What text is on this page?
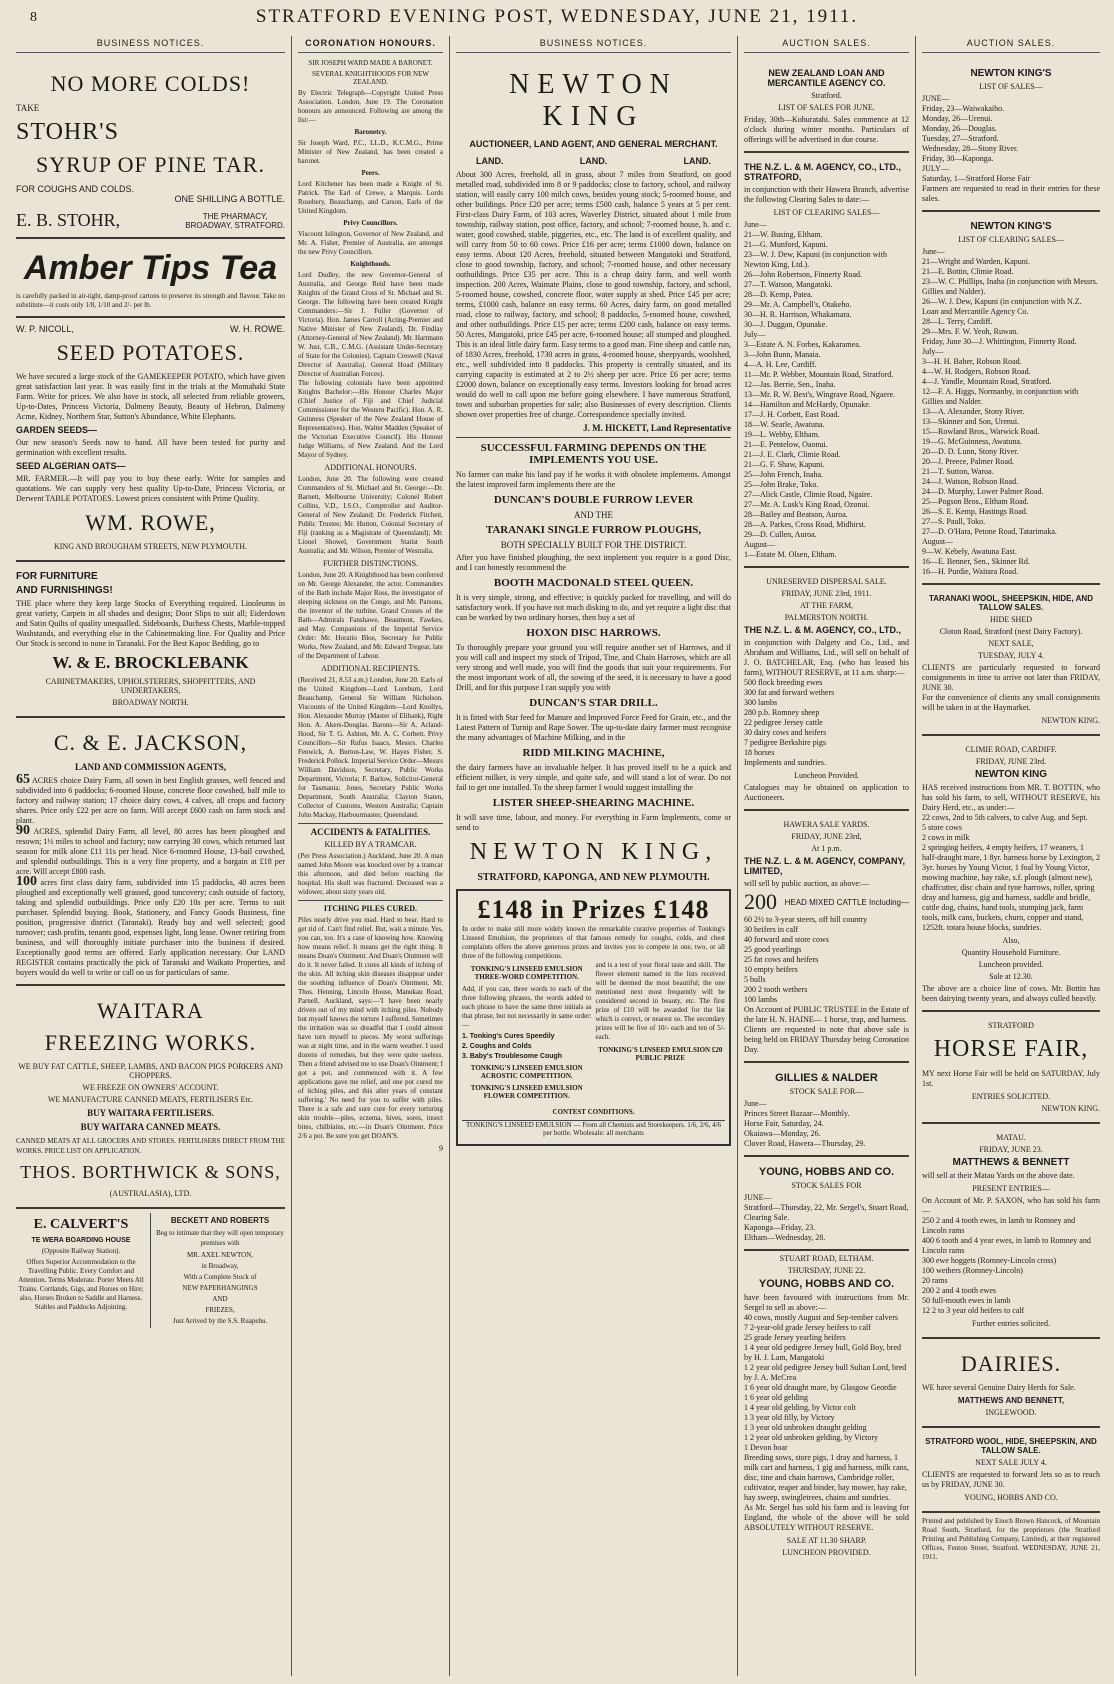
8	STRATFORD EVENING POST, WEDNESDAY, JUNE 21, 1911.
BUSINESS NOTICES.
NO MORE COLDS!
TAKE
STOHR'S
SYRUP OF PINE TAR.
FOR COUGHS AND COLDS.
ONE SHILLING A BOTTLE.
E. B. STOHR,	THE PHARMACY,
BROADWAY, STRATFORD.
Amber Tips Tea
is carefully packed in air-tight, damp-proof cartons to preserve its strength and flavour. Take no substitute—it costs only 1/8, 1/10 and 2/- per lb.
W. P. NICOLL,	W. H. ROWE.
SEED POTATOES.
We have secured a large stock of the GAMEKEEPER POTATO, which have given great satisfaction last year. It was easily first in the trials at the Momahaki State Farm. Write for prices. We also have in stock, all selected from reliable growers, Up-to-Dates, Princess Victoria, Dalmeny Beauty, Beauty of Hebron, Dalmeny Acme, Kidney, Northern Star, Sutton's Abundance, White Elephants.
GARDEN SEEDS—
Our new season's Seeds now to hand. All have been tested for purity and germination with excellent results.
SEED ALGERIAN OATS—
MR. FARMER.—It will pay you to buy these early. Write for samples and quotations. We can supply very best quality Up-to-Date, Princess Victoria, or Derwent TABLE POTATOES. Lowest prices consistent with Prime Quality.
WM. ROWE,
KING AND BROUGHAM STREETS, NEW PLYMOUTH.
FOR FURNITURE
AND FURNISHINGS!
THE place where they keep large Stocks of Everything required. Linoleums in great variety, Carpets in all shades and designs; Door Slips to suit all; Eiderdown and Satin Quilts of quality unequalled. Sideboards, Duchess Chests, Marble-topped Washstands, and everything else in the Cabinetmaking line. For Quality and Price Our Stock is second to none in Taranaki. For the Best Kapoc Bedding, go to
W. & E. BROCKLEBANK
CABINETMAKERS, UPHOLSTERERS, SHOPFITTERS, AND UNDERTAKERS,
BROADWAY NORTH.
C. & E. JACKSON,
LAND AND COMMISSION AGENTS,
65 ACRES choice Dairy Farm, all sown in best English grasses, well fenced and subdivided into 6 paddocks; 6-roomed House, concrete floor cowshed, half mile to factory and railway station; 17 choice dairy cows, 4 calves, all crops and factory shares. Price only £22 per acre on farm. Will accept £600 cash on farm stock and plant.
90 ACRES, splendid Dairy Farm, all level, 80 acres has been ploughed and resown; 1½ miles to school and factory; now carrying 30 cows, which returned last season for milk alone £11 11s per head. Nice 6-roomed House, 13-bail cowshed, and splendid outbuildings. This is a very fine property, and a bargain at £18 per acre. Will accept £800 cash.
100 acres first class dairy farm, subdivided into 15 paddocks, 40 acres been ploughed and exceptionally well grassed, good tuncovery; cash outside of factory, taking and splendid outbuildings. Price only £20 10s per acre. Terms to suit purchaser. Splendid buying. Book, Stationery, and Fancy Goods Business, fine position, progressive district (Taranaki). Ready buy and well selected; good turnover; cash profits, tenants good, expenses light, long lease. Owner retiring from business, and will thoroughly initiate purchaser into the business if desired. Exceptionally good terms are offered. Early application necessary. Our LAND REGISTER contains practically the pick of Taranaki and Waikato Properties, and buyers would do well to write or call on us for particulars of same.
WAITARA
FREEZING WORKS.
WE BUY FAT CATTLE, SHEEP, LAMBS, AND BACON PIGS PORKERS AND CHOPPERS.
WE FREEZE ON OWNERS' ACCOUNT.
WE MANUFACTURE CANNED MEATS, FERTILISERS Etc.
BUY WAITARA FERTILISERS.
BUY WAITARA CANNED MEATS.
CANNED MEATS AT ALL GROCERS AND STORES. FERTILISERS DIRECT FROM THE WORKS. PRICE LIST ON APPLICATION.
THOS. BORTHWICK & SONS,
(AUSTRALASIA), LTD.
E. CALVERT'S
TE WERA BOARDING HOUSE
(Opposite Railway Station).
Offers Superior Accommodation to the Travelling Public. Every Comfort and Attention. Terms Moderate. Porter Meets All Trains. Cortlands, Gigs, and Horses on Hire; also, Horses Broken to Saddle and Harness. Stables and Paddocks Adjoining.
BECKETT AND ROBERTS
Beg to intimate that they will open temporary premises with
MR. AXEL NEWTON,
in Broadway,
With a Complete Stock of
NEW PAPERHANGINGS
AND
FRIEZES,
Just Arrived by the S.S. Ruapehu.
CORONATION HONOURS.
SIR JOSEPH WARD MADE A BARONET.
SEVERAL KNIGHTHOODS FOR NEW ZEALAND.
By Electric Telegraph—Copyright United Press Association. London, June 19. The Coronation honours are announced. Following are among the list:—
Baronetcy.
Sir Joseph Ward, P.C., LL.D., K.C.M.G., Prime Minister of New Zealand, has been created a baronet.
Peers.
Lord Kitchener has been made a Knight of St. Patrick. The Earl of Crewe, a Marquis. Lords Rosebery, Beauchamp, and Carson, Earls of the United Kingdom.
Privy Councillors.
Viscount Islington, Governor of New Zealand, and Mr. A. Fisher, Premier of Australia, are amongst the new Privy Councillors.
Knighthoods.
Lord Dudley, the new Governor-General of Australia, and George Reid have been made Knights of the Grand Cross of St. Michael and St. George. The following have been created Knight Commanders:—Sir J. Fuller (Governor of Victoria). Hon. James Carroll (Acting-Premier and Native Minister of New Zealand). Dr. Findlay (Attorney-General of New Zealand). Mr. Hartmann W. Just, C.B., C.M.G. (Assistant Under-Secretary of State for the Colonies). Captain Creswell (Naval Director of Australia). General Hoad (Military Director of Australian Forces).
The following colonials have been appointed Knights Bachelor:—His Honour Charles Major (Chief Justice of Fiji and Chief Judicial Commissioner for the Western Pacific). Hon. A. R. Guinness (Speaker of the New Zealand House of Representatives). Hon. Walter Madden (Speaker of the Victorian Executive Council). His Honour Judge Williams, of New Zealand. And the Lord Mayor of Sydney.
ADDITIONAL HONOURS.
London, June 20. The following were created Commanders of St. Michael and St. George:—Dr. Barnett, Melbourne University; Colonel Robert Collins, V.D., I.S.O., Comptroller and Auditor-General of New Zealand; Dr. Frederick Fitchett, Public Trustee; Mr. Hutton, Colonial Secretary of Fiji (ranking as a Magistrate of Queensland); Mr. Lionel Showel, Government Statist South Australia; and Mr. Wilson, Premier of Westralia.
FURTHER DISTINCTIONS.
London, June 20. A Knighthood has been conferred on Mr. George Alexander, the actor. Commanders of the Bath include Major Ross, the investigator of sleeping sickness on the Congo, and Mr. Parsons, the inventor of the turbine. Grand Crosses of the Bath—Admirals Fanshawe, Beaumont, Fawkes, and May. Companions of the Imperial Service Order: Mr. Horatio Bloe, Secretary for Public Works, New Zealand, and Mr. Edward Tregear, late of the Department of Labour.
ADDITIONAL RECIPIENTS.
(Received 21, 8.53 a.m.) London, June 20. Earls of the United Kingdom—Lord Loreburn, Lord Beauchamp, General Sir William Nicholson. Viscounts of the United Kingdom—Lord Knollys, Hon. Alexander Murray (Master of Elibank), Right Hon. A. Akers-Douglas. Barons—Sir A. Acland-Hood, Sir T. G. Ashton, Mr. A. C. Corbett. Privy Councillors—Sir Rufus Isaacs, Messrs. Charles Fenwick, A. Burton-Law, W. Hayes Fisher, S. Frederick Pollock. Imperial Service Order—Messrs William Davidson, Secretary, Public Works Department, Victoria; F. Barlow, Solicitor-General for Tasmania; Jones, Secretary Public Works Department, South Australia; Clayton Staten, Collector of Customs, Western Australia; Captain John Mackay, Harbourmaster, Queensland.
ACCIDENTS & FATALITIES.
KILLED BY A TRAMCAR.
(Per Press Association.) Auckland, June 20. A man named John Moore was knocked over by a tramcar this afternoon, and died before reaching the hospital. His skull was fractured. Deceased was a widower, about sixty years old.
ITCHING PILES CURED.
Piles nearly drive you mad. Hard to bear. Hard to get rid of. Can't find relief. But, wait a minute. Yes, you can, too. It's a case of knowing how. Knowing how means relief. It means get the right thing. It means Doan's Ointment. And Doan's Ointment will do it. It never failed. It cures all kinds of itching of the skin. All itching skin diseases disappear under the soothing influence of Doan's Ointment. Mr. Thos. Henning, Lincoln House, Manukau Road, Parnell, Auckland, says:—'I have been nearly driven out of my mind with itching piles. Nobody but myself knows the torture I suffered. Sometimes the irritation was so dreadful that I could almost have torn myself to pieces. My worst sufferings was at night time, and in the warm weather. I used dozens of remedies, but they were quite useless. Then a friend advised me to use Doan's Ointment; I got a pot, and commenced with it. A few applications gave me relief, and one pot cured me of itching piles, and this after years of constant suffering.' No need for you to suffer with piles. There is a safe and sure cure for every torturing skin trouble—piles, eczema, hives, sores, insect bites, chilblains, etc.—in Doan's Ointment. Price 2/6 a pot. Be sure you get DOAN'S.
9
BUSINESS NOTICES.
NEWTON KING
AUCTIONEER, LAND AGENT, AND GENERAL MERCHANT.
LAND.	LAND.	LAND.
About 300 Acres, freehold, all in grass, about 7 miles from Stratford, on good metalled road, subdivided into 8 or 9 paddocks; close to factory, school, and railway station, will easily carry 100 milch cows, besides young stock; 5-roomed house, and other buildings. Price £20 per acre; terms £500 cash, balance 5 years at 5 per cent. First-class Dairy Farm, of 103 acres, Waverley District, situated about 1 mile from township, railway station, post office, factory, and school; 7-roomed house, h. and c. water, good cowshed, stable, piggeries, etc., etc. The land is of excellent quality, and will carry from 50 to 60 cows. Price £16 per acre; terms £1000 down, balance on easy terms. About 120 Acres, freehold, situated between Mangatoki and Stratford, close to good township, factory, and school; 7-roomed house, and other necessary outbuildings. Price £35 per acre. This is a cheap dairy farm, and well worth inspection. 200 Acres, Waimate Plains, close to good township, factory, and school, 5-roomed house, cowshed, concrete floor, water supply at shed. Price £45 per acre; terms, £1000 cash, balance on easy terms. 60 Acres, dairy farm, on good metalled road, close to railway, factory, and school; 8 paddocks, 5-roomed house, cowshed, and other outbuildings. Price £15 per acre; terms £200 cash, balance on easy terms. 50 Acres, Mangatoki, price £45 per acre, 6-roomed house; all stumped and ploughed. This is an ideal little dairy farm. Easy terms to a good man. Fine sheep and cattle run, of 1830 Acres, freehold, 1730 acres in grass, 4-roomed house, sheepyards, woolshed, etc., well subdivided into 8 paddocks. This property is centrally situated, and its carrying capacity is estimated at 2 to 2½ sheep per acre. Price £6 per acre; terms £2000 down, balance on exceptionally easy terms. Investors looking for broad acres would do well to call upon me before going elsewhere. I have numerous Stratford, town and suburban properties for sale; also Businesses of every description. Clients shown over properties free of charge. Correspondence specially invited.
J. M. HICKETT, Land Representative
SUCCESSFUL FARMING DEPENDS ON THE IMPLEMENTS YOU USE.
No farmer can make his land pay if he works it with obsolete implements. Amongst the latest improved farm implements there are the
DUNCAN'S DOUBLE FURROW LEVER
AND THE
TARANAKI SINGLE FURROW PLOUGHS,
BOTH SPECIALLY BUILT FOR THE DISTRICT.
After you have finished ploughing, the next implement you require is a good Disc, and I can honestly recommend the
BOOTH MACDONALD STEEL QUEEN.
It is very simple, strong, and effective; is quickly packed for travelling, and will do satisfactory work. If you have not much disking to do, and yet require a light disc that can be worked by two ordinary horses, then buy a set of
HOXON DISC HARROWS.
To thoroughly prepare your ground you will require another set of Harrows, and if you will call and inspect my stock of Tripod, Tine, and Chain Harrows, which are all very strong and well made, you will find the goods that suit your requirements. For the most important work of all, the sowing of the seed, it is necessary to have a good Drill, and for this purpose I can supply you with
DUNCAN'S STAR DRILL.
It is fitted with Star feed for Manure and Improved Force Feed for Grain, etc., and the Latest Pattern of Turnip and Rape Sower. The up-to-date dairy farmer must recognise the many advantages of Machine Milking, and in the
RIDD MILKING MACHINE,
the dairy farmers have an invaluable helper. It has proved itself to be a quick and efficient milker, is very simple, and quite safe, and will stand a lot of wear. Do not fail to get one installed. To the sheep farmer I would suggest installing the
LISTER SHEEP-SHEARING MACHINE.
It will save time, labour, and money. For everything in Farm Implements, come or send to
NEWTON KING,
STRATFORD, KAPONGA, AND NEW PLYMOUTH.
£148 in Prizes £148
In order to make still more widely known the remarkable curative properties of Tonking's Linseed Emulsion, the proprietors of that famous remedy for coughs, colds, and chest complaints offers the above generous prizes and invites you to compete in one, two, or all three of the following competitions.
TONKING'S LINSEED EMULSION THREE-WORD COMPETITION.
Add, if you can, three words to each of the three following phrases, the words added to each phrase to have the same three initials as that phrase, but not necessarily in same order:—
1. Tonking's Cures Speedily
2. Coughs and Colds
3. Baby's Troublesome Cough
TONKING'S LINSEED EMULSION ACROSTIC COMPETITION.
TONKING'S LINSEED EMULSION FLOWER COMPETITION.
and is a test of your floral taste and skill. The flower element named in the lists received will be deemed the most beautiful; the one mentioned next most frequently will be considered second in beauty, etc. The first prize of £10 will be awarded for the list which is correct, or nearest so. The secondary prizes will be five of 10/- each and ten of 5/- each.
TONKING'S LINSEED EMULSION £20 PUBLIC PRIZE
CONTEST CONDITIONS.
TONKING'S LINSEED EMULSION — From all Chemists and Storekeepers. 1/6, 2/6, 4/6 per bottle. Wholesale: all merchants
AUCTION SALES.
NEW ZEALAND LOAN AND MERCANTILE AGENCY CO.
Stratford.
LIST OF SALES FOR JUNE.
Friday, 30th—Kohuratahi. Sales commence at 12 o'clock during winter months. Particulars of offerings will be advertised in due course.
THE N.Z. L. & M. AGENCY, CO., LTD., STRATFORD,
in conjunction with their Hawera Branch, advertise the following Clearing Sales to date:—
LIST OF CLEARING SALES—
June—
21—W. Busing, Eltham.
21—G. Munford, Kapuni.
23—W. J. Dew, Kapuni (in conjunction with Newton King, Ltd.).
26—John Robertson, Finnerty Road.
27—T. Watson, Mangatoki.
28—D. Kemp, Patea.
29—Mr. A. Campbell's, Otakeho.
30—H. R. Harrison, Whakamara.
30—J. Duggan, Opunake.
July—
3—Estate A. N. Forbes, Kakaramea.
3—John Bunn, Manaia.
4—A. H. Lee, Cardiff.
11—Mr. P. Webber, Mountain Road, Stratford.
12—Jas. Berrie, Sen., Inaha.
13—Mr. R. W. Best's, Wingrave Road, Ngaere.
14—Hamilton and McHardy, Opunake.
17—J. H. Corbett, East Road.
18—W. Searle, Awatuna.
19—L. Webby, Eltham.
21—E. Pentelow, Oaonui.
21—J. E. Clark, Climie Road.
21—G. F. Shaw, Kapuni.
25—John French, Inaha.
25—John Brake, Toko.
27—Alick Castle, Climie Road, Ngaire.
27—Mr. A. Lusk's King Road, Ozonui.
28—Bailey and Beatson, Auroa.
28—A. Parkes, Cross Road, Midhirst.
29—D. Cullen, Auroa.
August—
1—Estate M. Olsen, Eltham.
UNRESERVED DISPERSAL SALE.
FRIDAY, JUNE 23rd, 1911.
AT THE FARM,
PALMERSTON NORTH.
THE N.Z. L. & M. AGENCY, CO., LTD.,
in conjunction with Dalgety and Co., Ltd., and Abraham and Williams, Ltd., will sell on behalf of J. O. BATCHELAR, Esq. (who has leased his farm), WITHOUT RESERVE, at 11 a.m. sharp:—
500 flock breeding ewes
300 fat and forward wethers
300 lambs
280 p.b. Romney sheep
22 pedigree Jersey cattle
30 dairy cows and heifers
7 pedigree Berkshire pigs
18 horses
Implements and sundries.
Luncheon Provided.
Catalogues may be obtained on application to Auctioneers.
HAWERA SALE YARDS.
FRIDAY, JUNE 23rd,
At 1 p.m.
THE N.Z. L. & M. AGENCY, COMPANY, LIMITED,
will sell by public auction, as above:—
200 HEAD MIXED CATTLE Including—
60 2½ to 3-year steers, off hill country
30 heifers in calf
40 forward and store cows
25 good yearlings
25 fat cows and heifers
10 empty heifers
5 bulls
200 2 tooth wethers
100 lambs
On Account of PUBLIC TRUSTEE in the Estate of the late H. N. HAINE— 1 horse, trap, and harness.
Clients are requested to note that above sale is being held on FRIDAY Thursday being Coronation Day.
GILLIES & NALDER
STOCK SALE FOR—
June—
Princes Street Bazaar—Monthly.
Horse Fair, Saturday, 24.
Okaiawa—Monday, 26.
Clover Road, Hawera—Thursday, 29.
YOUNG, HOBBS AND CO.
STOCK SALES FOR
JUNE—
Stratford—Thursday, 22, Mr. Sergel's, Stuart Road, Clearing Sale.
Kaponga—Friday, 23.
Eltham—Wednesday, 28.
STUART ROAD, ELTHAM.
THURSDAY, JUNE 22.
YOUNG, HOBBS AND CO.
have been favoured with instructions from Mr. Sergel to sell as above:—
40 cows, mostly August and Sep-tember calvers
7 2-year-old grade Jersey heifers to calf
25 grade Jersey yearling heifers
1 4 year old pedigree Jersey bull, Gold Boy, bred by H. J. Lam, Mangatoki
1 2 year old pedigree Jersey bull Sultan Lord, bred by J. A. McCrea
1 6 year old draught mare, by Glasgow Geordie
1 6 year old gelding
1 4 year old gelding, by Victor colt
1 3 year old filly, by Victory
1 3 year old unbroken draught gelding
1 2 year old unbroken gelding, by Victory
1 Devon boar
Breeding sows, store pigs, 1 dray and harness, 1 milk cart and harness, 1 gig and harness, milk cans, disc, tine and chain harrows, Cambridge roller, cultivator, reaper and binder, hay mower, hay rake, hay sweep, swingletrees, chains and sundries.
As Mr. Sergel has sold his farm and is leaving for England, the whole of the above will be sold ABSOLUTELY WITHOUT RESERVE.
SALE AT 11.30 SHARP.
LUNCHEON PROVIDED.
AUCTION SALES.
NEWTON KING'S
LIST OF SALES—
JUNE—
Friday, 23—Waiwakaiho.
Monday, 26—Urenui.
Monday, 26—Douglas.
Tuesday, 27—Stratford.
Wednesday, 28—Stony River.
Friday, 30—Kaponga.
JULY—
Saturday, 1—Stratford Horse Fair
Farmers are requested to read in their entries for these sales.
NEWTON KING'S
LIST OF CLEARING SALES—
June—
21—Wright and Warden, Kapuni.
21—E. Bottin, Climie Road.
23—W. C. Phillips, Inaha (in conjunction with Messrs. Gillies and Nalder).
26—W. J. Dew, Kapuni (in conjunction with N.Z. Loan and Mercantile Agency Co.
28—L. Terry, Cardiff.
29—Mrs. F. W. Yeoh, Ruwan.
Friday, June 30—J. Whittington, Finnerty Road.
July—
3—H. H. Baber, Robson Road.
4—W. H. Rodgers, Robson Road.
4—J. Yandle, Mountain Road, Stratford.
12—F. A. Higgs, Normanby, in conjunction with Gillies and Nalder.
13—A. Alexander, Stony River.
13—Skinner and Son, Urenui.
15—Rowland Bros., Warwick Road.
19—G. McGuinness, Awatuna.
20—D. D. Lunn, Stony River.
20—J. Preece, Palmer Road.
21—T. Sutton, Waroa.
24—J. Watson, Robson Road.
24—D. Murphy, Lower Palmer Road.
25—Pogson Bros., Eltham Road.
26—S. E. Kemp, Hastings Road.
27—S. Paull, Toko.
27—D. O'Hara, Petone Road, Tatarimaka.
August—
9—W. Kebely, Awatuna East.
16—E. Benner, Sen., Skinner Rd.
16—H. Purdie, Waitara Road.
TARANAKI WOOL, SHEEPSKIN, HIDE, AND TALLOW SALES.
HIDE SHED
Cloton Road, Stratford (next Dairy Factory).
NEXT SALE,
TUESDAY, JULY 4.
CLIENTS are particularly requested to forward consignments in time to arrive not later than FRIDAY, JUNE 30.
For the convenience of clients any small consignments will be taken in at the Haymarket.
NEWTON KING.
CLIMIE ROAD, CARDIFF.
FRIDAY, JUNE 23rd.
NEWTON KING
HAS received instructions from MR. T. BOTTIN, who has sold his farm, to sell, WITHOUT RESERVE, his Dairy Herd, etc., as under:—
22 cows, 2nd to 5th calvers, to calve Aug. and Sept.
5 store cows
2 cows in milk
2 springing heifers, 4 empty heifers, 17 weaners, 1 half-draught mare, 1 8yr. harness horse by Lexington, 2 3yr. horses by Young Victor, 1 foal by Young Victor, mowing machine, hay rake, s.f. plough (almost new), chaffcutter, disc chain and tyne harrows, roller, spring dray and harness, gig and harness, saddle and bridle, cattle dog, chains, hand tools, stumping jack, farm tools, milk cans, buckets, churn, copper and stand, 1252ft. totara house blocks, sundries.
Also,
Quantity Household Furniture.
Luncheon provided.
Sale at 12.30.
The above are a choice line of cows. Mr. Bottin has been dairying twenty years, and always culled heavily.
STRATFORD
HORSE FAIR,
MY next Horse Fair will be held on SATURDAY, July 1st.
ENTRIES SOLICITED.
NEWTON KING.
MATAU.
FRIDAY, JUNE 23.
MATTHEWS & BENNETT
will sell at their Matau Yards on the above date.
PRESENT ENTRIES—
On Account of Mr. P. SAXON, who has sold his farm—
250 2 and 4 tooth ewes, in lamb to Romney and Lincoln rams
400 6 tooth and 4 year ewes, in lamb to Romney and Lincoln rams
300 ewe hoggets (Romney-Lincoln cross)
100 wethers (Romney-Lincoln)
20 rams
200 2 and 4 tooth ewes
50 full-mouth ewes in lamb
12 2 to 3 year old heifers to calf
Further entries solicited.
DAIRIES.
WE have several Genuine Dairy Herds for Sale.
MATTHEWS AND BENNETT,
INGLEWOOD.
STRATFORD WOOL, HIDE, SHEEPSKIN, AND TALLOW SALE.
NEXT SALE JULY 4.
CLIENTS are requested to forward Jets so as to reach us by FRIDAY, JUNE 30.
YOUNG, HOBBS AND CO.
Printed and published by Enoch Brown Hancock, of Mountain Road South, Stratford, for the proprietors (the Stratford Printing and Publishing Company, Limited), at their registered Offices, Fenton Street, Stratford. WEDNESDAY, JUNE 21, 1911.
